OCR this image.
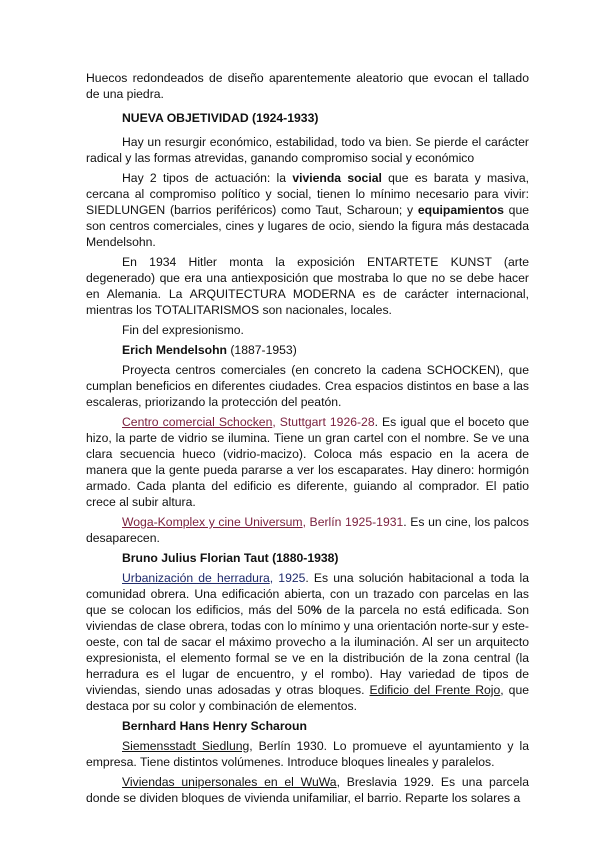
Huecos redondeados de diseño aparentemente aleatorio que evocan el tallado de una piedra.

NUEVA OBJETIVIDAD (1924-1933)

Hay un resurgir económico, estabilidad, todo va bien. Se pierde el carácter radical y las formas atrevidas, ganando compromiso social y económico

Hay 2 tipos de actuación: la vivienda social que es barata y masiva, cercana al compromiso político y social, tienen lo mínimo necesario para vivir: SIEDLUNGEN (barrios periféricos) como Taut, Scharoun; y equipamientos que son centros comerciales, cines y lugares de ocio, siendo la figura más destacada Mendelsohn.

En 1934 Hitler monta la exposición ENTARTETE KUNST (arte degenerado) que era una antiexposición que mostraba lo que no se debe hacer en Alemania. La ARQUITECTURA MODERNA es de carácter internacional, mientras los TOTALITARISMOS son nacionales, locales.

Fin del expresionismo.

Erich Mendelsohn (1887-1953)

Proyecta centros comerciales (en concreto la cadena SCHOCKEN), que cumplan beneficios en diferentes ciudades. Crea espacios distintos en base a las escaleras, priorizando la protección del peatón.

Centro comercial Schocken, Stuttgart 1926-28. Es igual que el boceto que hizo, la parte de vidrio se ilumina. Tiene un gran cartel con el nombre. Se ve una clara secuencia hueco (vidrio-macizo). Coloca más espacio en la acera de manera que la gente pueda pararse a ver los escaparates. Hay dinero: hormigón armado. Cada planta del edificio es diferente, guiando al comprador. El patio crece al subir altura.

Woga-Komplex y cine Universum, Berlín 1925-1931. Es un cine, los palcos desaparecen.

Bruno Julius Florian Taut (1880-1938)

Urbanización de herradura, 1925. Es una solución habitacional a toda la comunidad obrera. Una edificación abierta, con un trazado con parcelas en las que se colocan los edificios, más del 50% de la parcela no está edificada. Son viviendas de clase obrera, todas con lo mínimo y una orientación norte-sur y este-oeste, con tal de sacar el máximo provecho a la iluminación. Al ser un arquitecto expresionista, el elemento formal se ve en la distribución de la zona central (la herradura es el lugar de encuentro, y el rombo). Hay variedad de tipos de viviendas, siendo unas adosadas y otras bloques. Edificio del Frente Rojo, que destaca por su color y combinación de elementos.

Bernhard Hans Henry Scharoun

Siemensstadt Siedlung, Berlín 1930. Lo promueve el ayuntamiento y la empresa. Tiene distintos volúmenes. Introduce bloques lineales y paralelos.

Viviendas unipersonales en el WuWa, Breslavia 1929. Es una parcela donde se dividen bloques de vivienda unifamiliar, el barrio. Reparte los solares a
